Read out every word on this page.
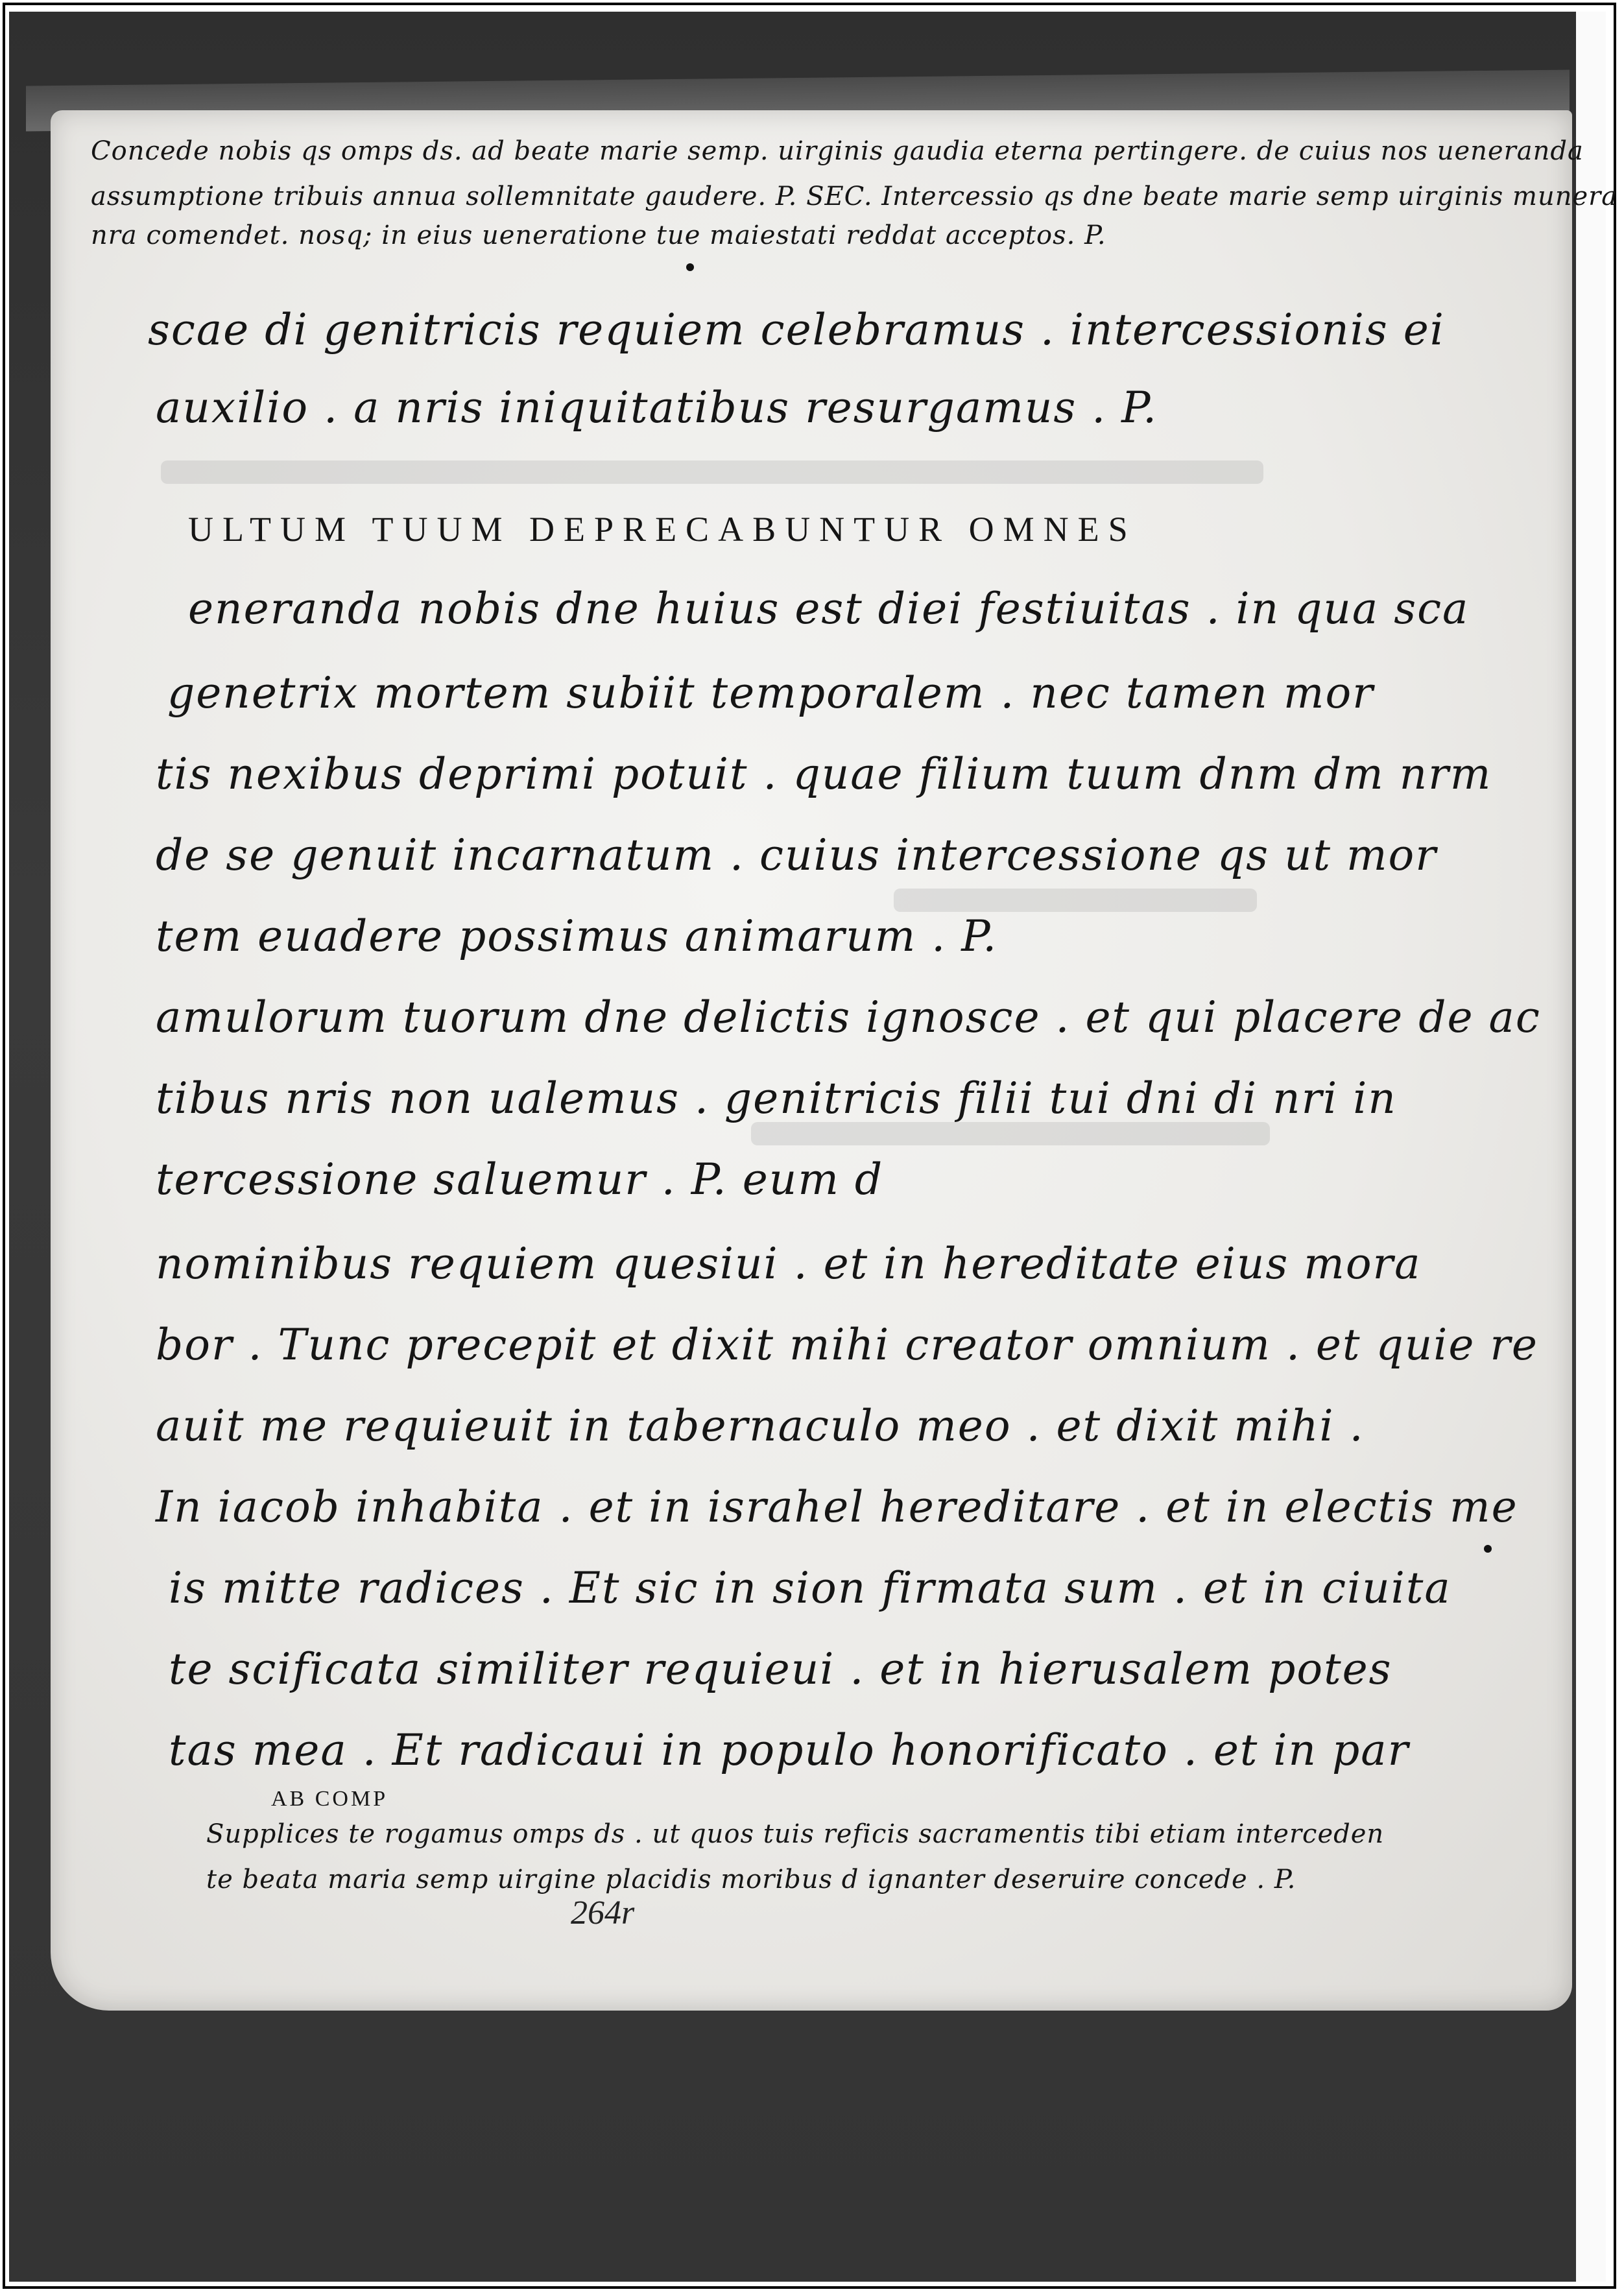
Concede nobis qs omps ds. ad beate marie semp. uirginis gaudia eterna pertingere. de cuius nos ueneranda
assumptione tribuis annua sollemnitate gaudere. P. SEC. Intercessio qs dne beate marie semp uirginis munera
nra comendet. nosq; in eius ueneratione tue maiestati reddat acceptos. P.
scae di genitricis requiem celebramus . intercessionis ei
auxilio . a nris iniquitatibus resurgamus . P.
ULTUM TUUM DEPRECABUNTUR OMNES
eneranda nobis dne huius est diei festiuitas . in qua sca
genetrix mortem subiit temporalem . nec tamen mor
tis nexibus deprimi potuit . quae filium tuum dnm dm nrm
de se genuit incarnatum . cuius intercessione qs ut mor
tem euadere possimus animarum . P.
amulorum tuorum dne delictis ignosce . et qui placere de ac
tibus nris non ualemus . genitricis filii tui dni di nri in
tercessione saluemur . P. eum d
nominibus requiem quesiui . et in hereditate eius mora
bor . Tunc precepit et dixit mihi creator omnium . et quie re
auit me requieuit in tabernaculo meo . et dixit mihi .
In iacob inhabita . et in israhel hereditare . et in electis me
is mitte radices . Et sic in sion firmata sum . et in ciuita
te scificata similiter requieui . et in hierusalem potes
tas mea . Et radicaui in populo honorificato . et in par
AB COMP
Supplices te rogamus omps ds . ut quos tuis reficis sacramentis tibi etiam interceden
te beata maria semp uirgine placidis moribus d ignanter deseruire concede . P.
264r
